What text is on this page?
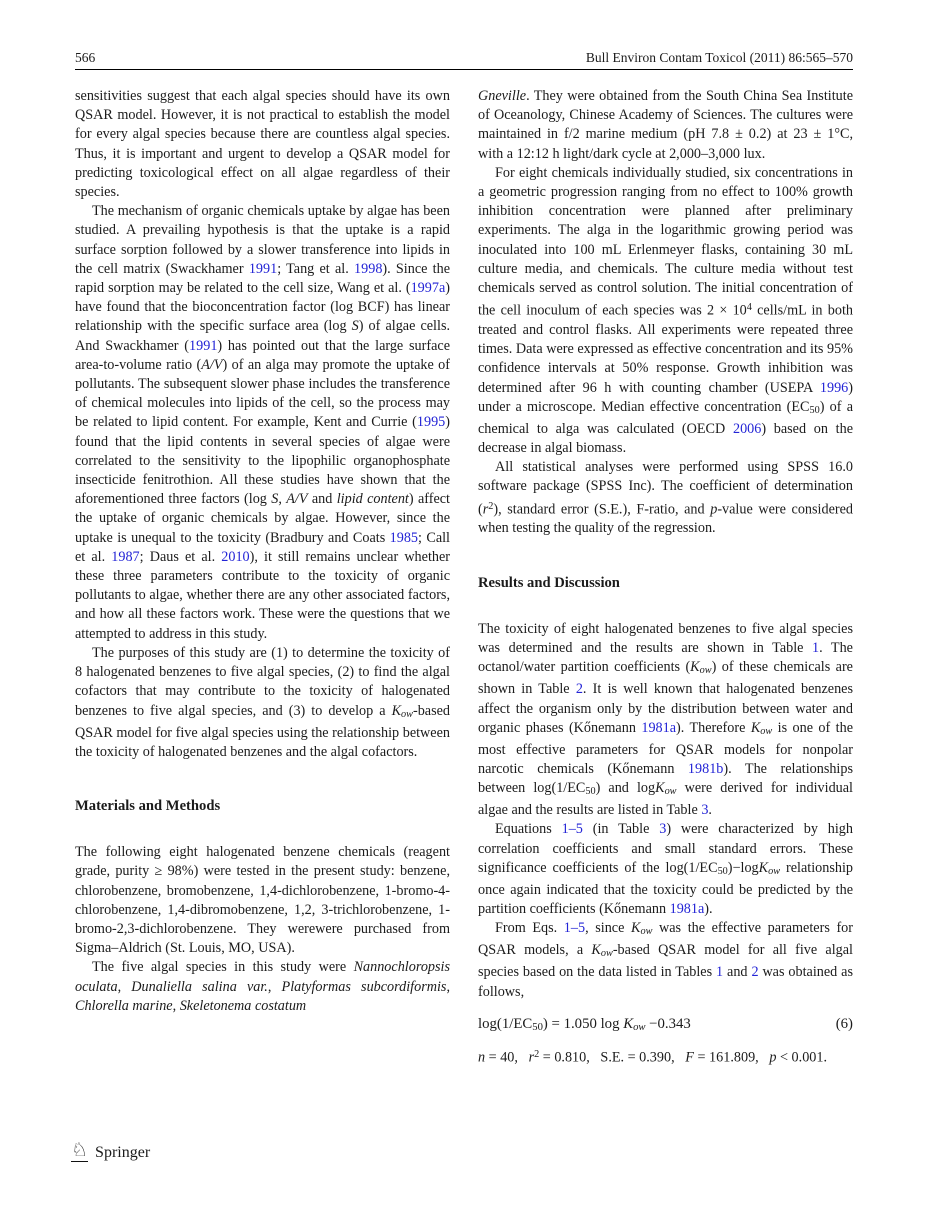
566	Bull Environ Contam Toxicol (2011) 86:565–570

sensitivities suggest that each algal species should have its own QSAR model. However, it is not practical to establish the model for every algal species because there are countless algal species. Thus, it is important and urgent to develop a QSAR model for predicting toxicological effect on all algae regardless of their species.

The mechanism of organic chemicals uptake by algae has been studied. A prevailing hypothesis is that the uptake is a rapid surface sorption followed by a slower transference into lipids in the cell matrix (Swackhamer 1991; Tang et al. 1998). Since the rapid sorption may be related to the cell size, Wang et al. (1997a) have found that the bioconcentration factor (log BCF) has linear relationship with the specific surface area (log S) of algae cells. And Swackhamer (1991) has pointed out that the large surface area-to-volume ratio (A/V) of an alga may promote the uptake of pollutants. The subsequent slower phase includes the transference of chemical molecules into lipids of the cell, so the process may be related to lipid content. For example, Kent and Currie (1995) found that the lipid contents in several species of algae were correlated to the sensitivity to the lipophilic organophosphate insecticide fenitrothion. All these studies have shown that the aforementioned three factors (log S, A/V and lipid content) affect the uptake of organic chemicals by algae. However, since the uptake is unequal to the toxicity (Bradbury and Coats 1985; Call et al. 1987; Daus et al. 2010), it still remains unclear whether these three parameters contribute to the toxicity of organic pollutants to algae, whether there are any other associated factors, and how all these factors work. These were the questions that we attempted to address in this study.

The purposes of this study are (1) to determine the toxicity of 8 halogenated benzenes to five algal species, (2) to find the algal cofactors that may contribute to the toxicity of halogenated benzenes to five algal species, and (3) to develop a Kow-based QSAR model for five algal species using the relationship between the toxicity of halogenated benzenes and the algal cofactors.

Materials and Methods

The following eight halogenated benzene chemicals (reagent grade, purity ≥ 98%) were tested in the present study: benzene, chlorobenzene, bromobenzene, 1,4-dichlorobenzene, 1-bromo-4-chlorobenzene, 1,4-dibromobenzene, 1,2, 3-trichlorobenzene, 1-bromo-2,3-dichlorobenzene. They werewere purchased from Sigma–Aldrich (St. Louis, MO, USA).

The five algal species in this study were Nannochloropsis oculata, Dunaliella salina var., Platyformas subcordiformis, Chlorella marine, Skeletonema costatum

Gneville. They were obtained from the South China Sea Institute of Oceanology, Chinese Academy of Sciences. The cultures were maintained in f/2 marine medium (pH 7.8 ± 0.2) at 23 ± 1°C, with a 12:12 h light/dark cycle at 2,000–3,000 lux.

For eight chemicals individually studied, six concentrations in a geometric progression ranging from no effect to 100% growth inhibition concentration were planned after preliminary experiments. The alga in the logarithmic growing period was inoculated into 100 mL Erlenmeyer flasks, containing 30 mL culture media, and chemicals. The culture media without test chemicals served as control solution. The initial concentration of the cell inoculum of each species was $2 \times 10^4$ cells/mL in both treated and control flasks. All experiments were repeated three times. Data were expressed as effective concentration and its 95% confidence intervals at 50% response. Growth inhibition was determined after 96 h with counting chamber (USEPA 1996) under a microscope. Median effective concentration (EC50) of a chemical to alga was calculated (OECD 2006) based on the decrease in algal biomass.

All statistical analyses were performed using SPSS 16.0 software package (SPSS Inc). The coefficient of determination $(r^2)$, standard error (S.E.), F-ratio, and p-value were considered when testing the quality of the regression.

Results and Discussion

The toxicity of eight halogenated benzenes to five algal species was determined and the results are shown in Table 1. The octanol/water partition coefficients (Kow) of these chemicals are shown in Table 2. It is well known that halogenated benzenes affect the organism only by the distribution between water and organic phases (Kőnemann 1981a). Therefore Kow is one of the most effective parameters for QSAR models for nonpolar narcotic chemicals (Kőnemann 1981b). The relationships between log(1/EC50) and logKow were derived for individual algae and the results are listed in Table 3.

Equations 1–5 (in Table 3) were characterized by high correlation coefficients and small standard errors. These significance coefficients of the log(1/EC50)−logKow relationship once again indicated that the toxicity could be predicted by the partition coefficients (Kőnemann 1981a).

From Eqs. 1–5, since Kow was the effective parameters for QSAR models, a Kow-based QSAR model for all five algal species based on the data listed in Tables 1 and 2 was obtained as follows,

log(1/EC50) = 1.050 log Kow −0.343	(6)

n = 40,  $r^2 = 0.810$,  S.E. = 0.390,  F = 161.809,  p < 0.001.

♘ Springer
